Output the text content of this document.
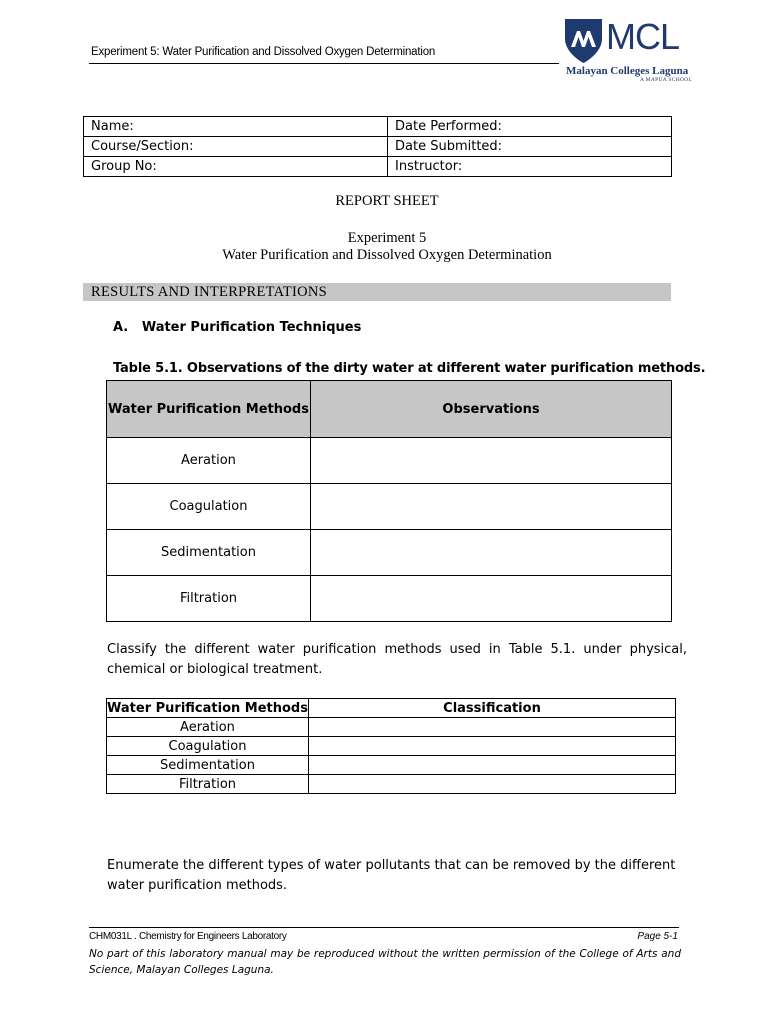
Experiment 5: Water Purification and Dissolved Oxygen Determination	MCL
Malayan Colleges Laguna
A MAPÚA SCHOOL
Name:	Date Performed:
Course/Section:	Date Submitted:
Group No:	Instructor:
REPORT SHEET
Experiment 5
Water Purification and Dissolved Oxygen Determination
RESULTS AND INTERPRETATIONS
A.   Water Purification Techniques
Table 5.1. Observations of the dirty water at different water purification methods.
Water Purification Methods	Observations
Aeration	
Coagulation	
Sedimentation	
Filtration	
Classify the different water purification methods used in Table 5.1. under physical, chemical or biological treatment.
Water Purification Methods	Classification
Aeration	
Coagulation	
Sedimentation	
Filtration	
Enumerate the different types of water pollutants that can be removed by the different water purification methods.
CHM031L . Chemistry for Engineers Laboratory	Page 5-1
No part of this laboratory manual may be reproduced without the written permission of the College of Arts and Science, Malayan Colleges Laguna.
